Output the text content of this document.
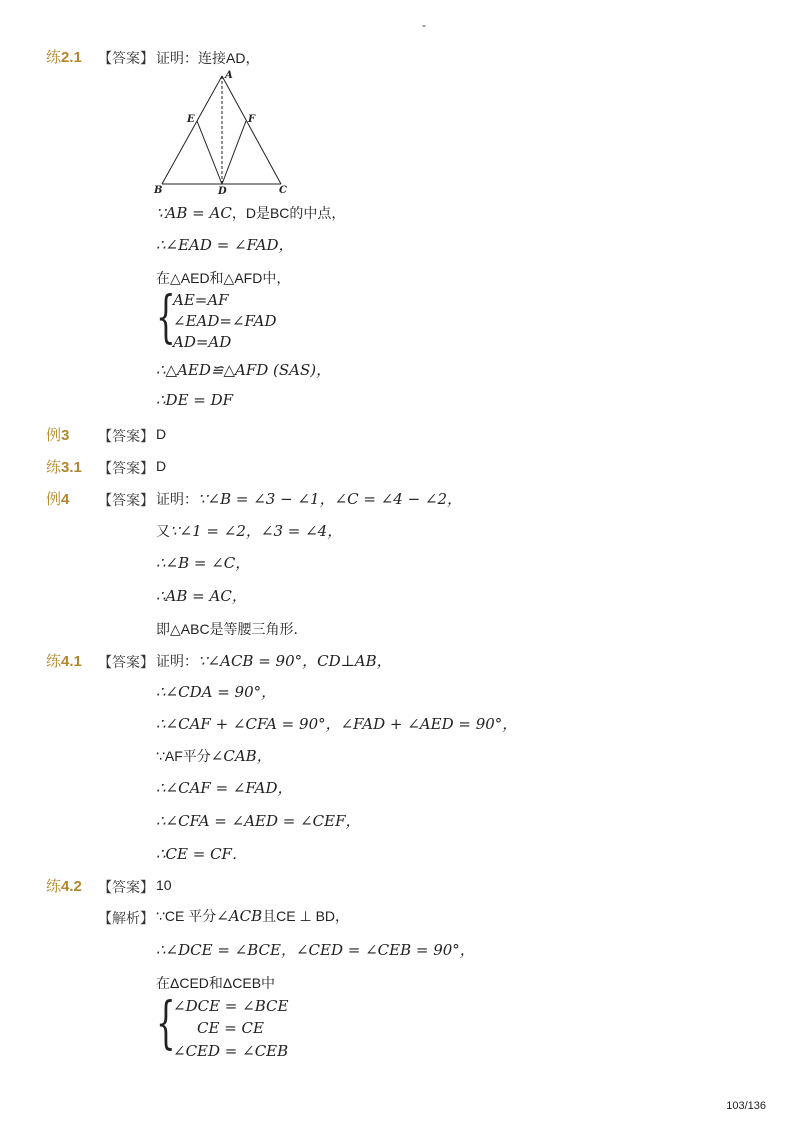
-
练2.1 【答案】 证明：连接AD，
A
B	C
D
E	F
∵AB = AC，D是BC的中点，
∴∠EAD = ∠FAD，
在△AED和△AFD中，
{
AE=AF
∠EAD=∠FAD
AD=AD
∴△AED≌△AFD (SAS)，
∴DE = DF
例3 【答案】 D
练3.1 【答案】 D
例4 【答案】 证明：∵∠B = ∠3 − ∠1，∠C = ∠4 − ∠2，
又∵∠1 = ∠2，∠3 = ∠4，
∴∠B = ∠C，
∴AB = AC，
即△ABC是等腰三角形．
练4.1 【答案】 证明：∵∠ACB = 90°，CD⊥AB，
∴∠CDA = 90°，
∴∠CAF + ∠CFA = 90°，∠FAD + ∠AED = 90°，
∵AF平分∠CAB，
∴∠CAF = ∠FAD，
∴∠CFA = ∠AED = ∠CEF，
∴CE = CF．
练4.2 【答案】 10
【解析】 ∵CE 平分∠ACB且CE ⊥ BD，
∴∠DCE = ∠BCE，∠CED = ∠CEB = 90°，
在ΔCED和ΔCEB中
{
∠DCE = ∠BCE
CE = CE
∠CED = ∠CEB
103/136
